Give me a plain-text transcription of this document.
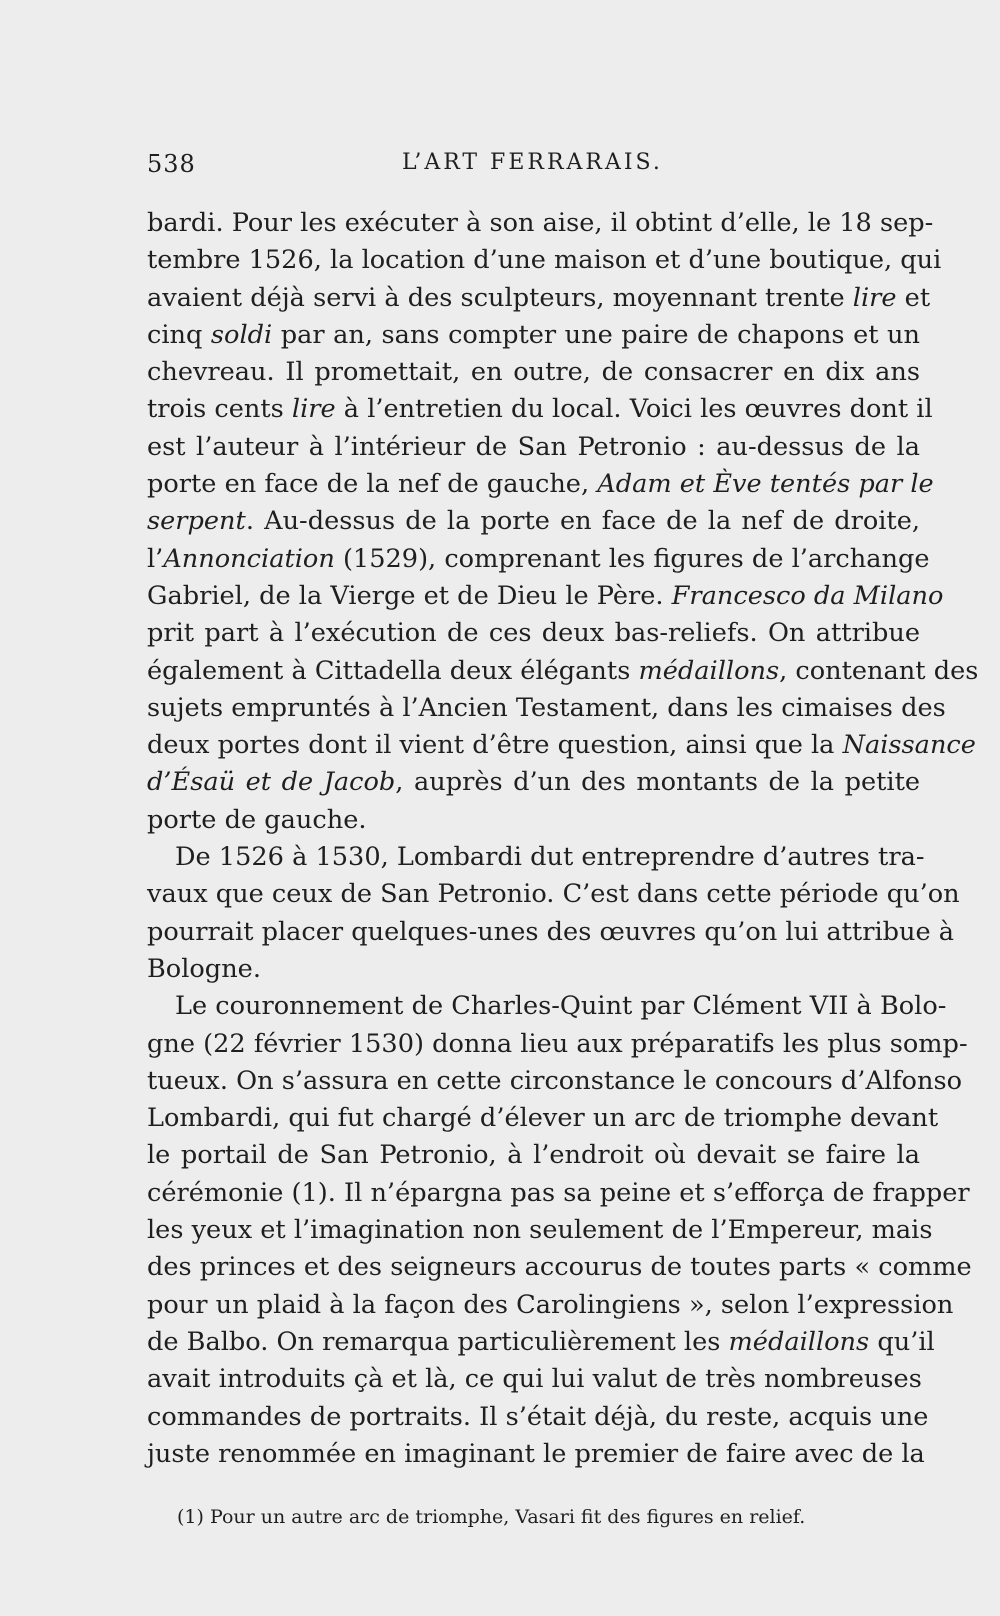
538	L’ART FERRARAIS.
bardi. Pour les exécuter à son aise, il obtint d’elle, le 18 sep-
tembre 1526, la location d’une maison et d’une boutique, qui
avaient déjà servi à des sculpteurs, moyennant trente lire et
cinq soldi par an, sans compter une paire de chapons et un
chevreau. Il promettait, en outre, de consacrer en dix ans
trois cents lire à l’entretien du local. Voici les œuvres dont il
est l’auteur à l’intérieur de San Petronio : au-dessus de la
porte en face de la nef de gauche, Adam et Ève tentés par le
serpent. Au-dessus de la porte en face de la nef de droite,
l’Annonciation (1529), comprenant les figures de l’archange
Gabriel, de la Vierge et de Dieu le Père. Francesco da Milano
prit part à l’exécution de ces deux bas-reliefs. On attribue
également à Cittadella deux élégants médaillons, contenant des
sujets empruntés à l’Ancien Testament, dans les cimaises des
deux portes dont il vient d’être question, ainsi que la Naissance
d’Ésaü et de Jacob, auprès d’un des montants de la petite
porte de gauche.
De 1526 à 1530, Lombardi dut entreprendre d’autres tra-
vaux que ceux de San Petronio. C’est dans cette période qu’on
pourrait placer quelques-unes des œuvres qu’on lui attribue à
Bologne.
Le couronnement de Charles-Quint par Clément VII à Bolo-
gne (22 février 1530) donna lieu aux préparatifs les plus somp-
tueux. On s’assura en cette circonstance le concours d’Alfonso
Lombardi, qui fut chargé d’élever un arc de triomphe devant
le portail de San Petronio, à l’endroit où devait se faire la
cérémonie (1). Il n’épargna pas sa peine et s’efforça de frapper
les yeux et l’imagination non seulement de l’Empereur, mais
des princes et des seigneurs accourus de toutes parts « comme
pour un plaid à la façon des Carolingiens », selon l’expression
de Balbo. On remarqua particulièrement les médaillons qu’il
avait introduits çà et là, ce qui lui valut de très nombreuses
commandes de portraits. Il s’était déjà, du reste, acquis une
juste renommée en imaginant le premier de faire avec de la
(1) Pour un autre arc de triomphe, Vasari fit des figures en relief.
